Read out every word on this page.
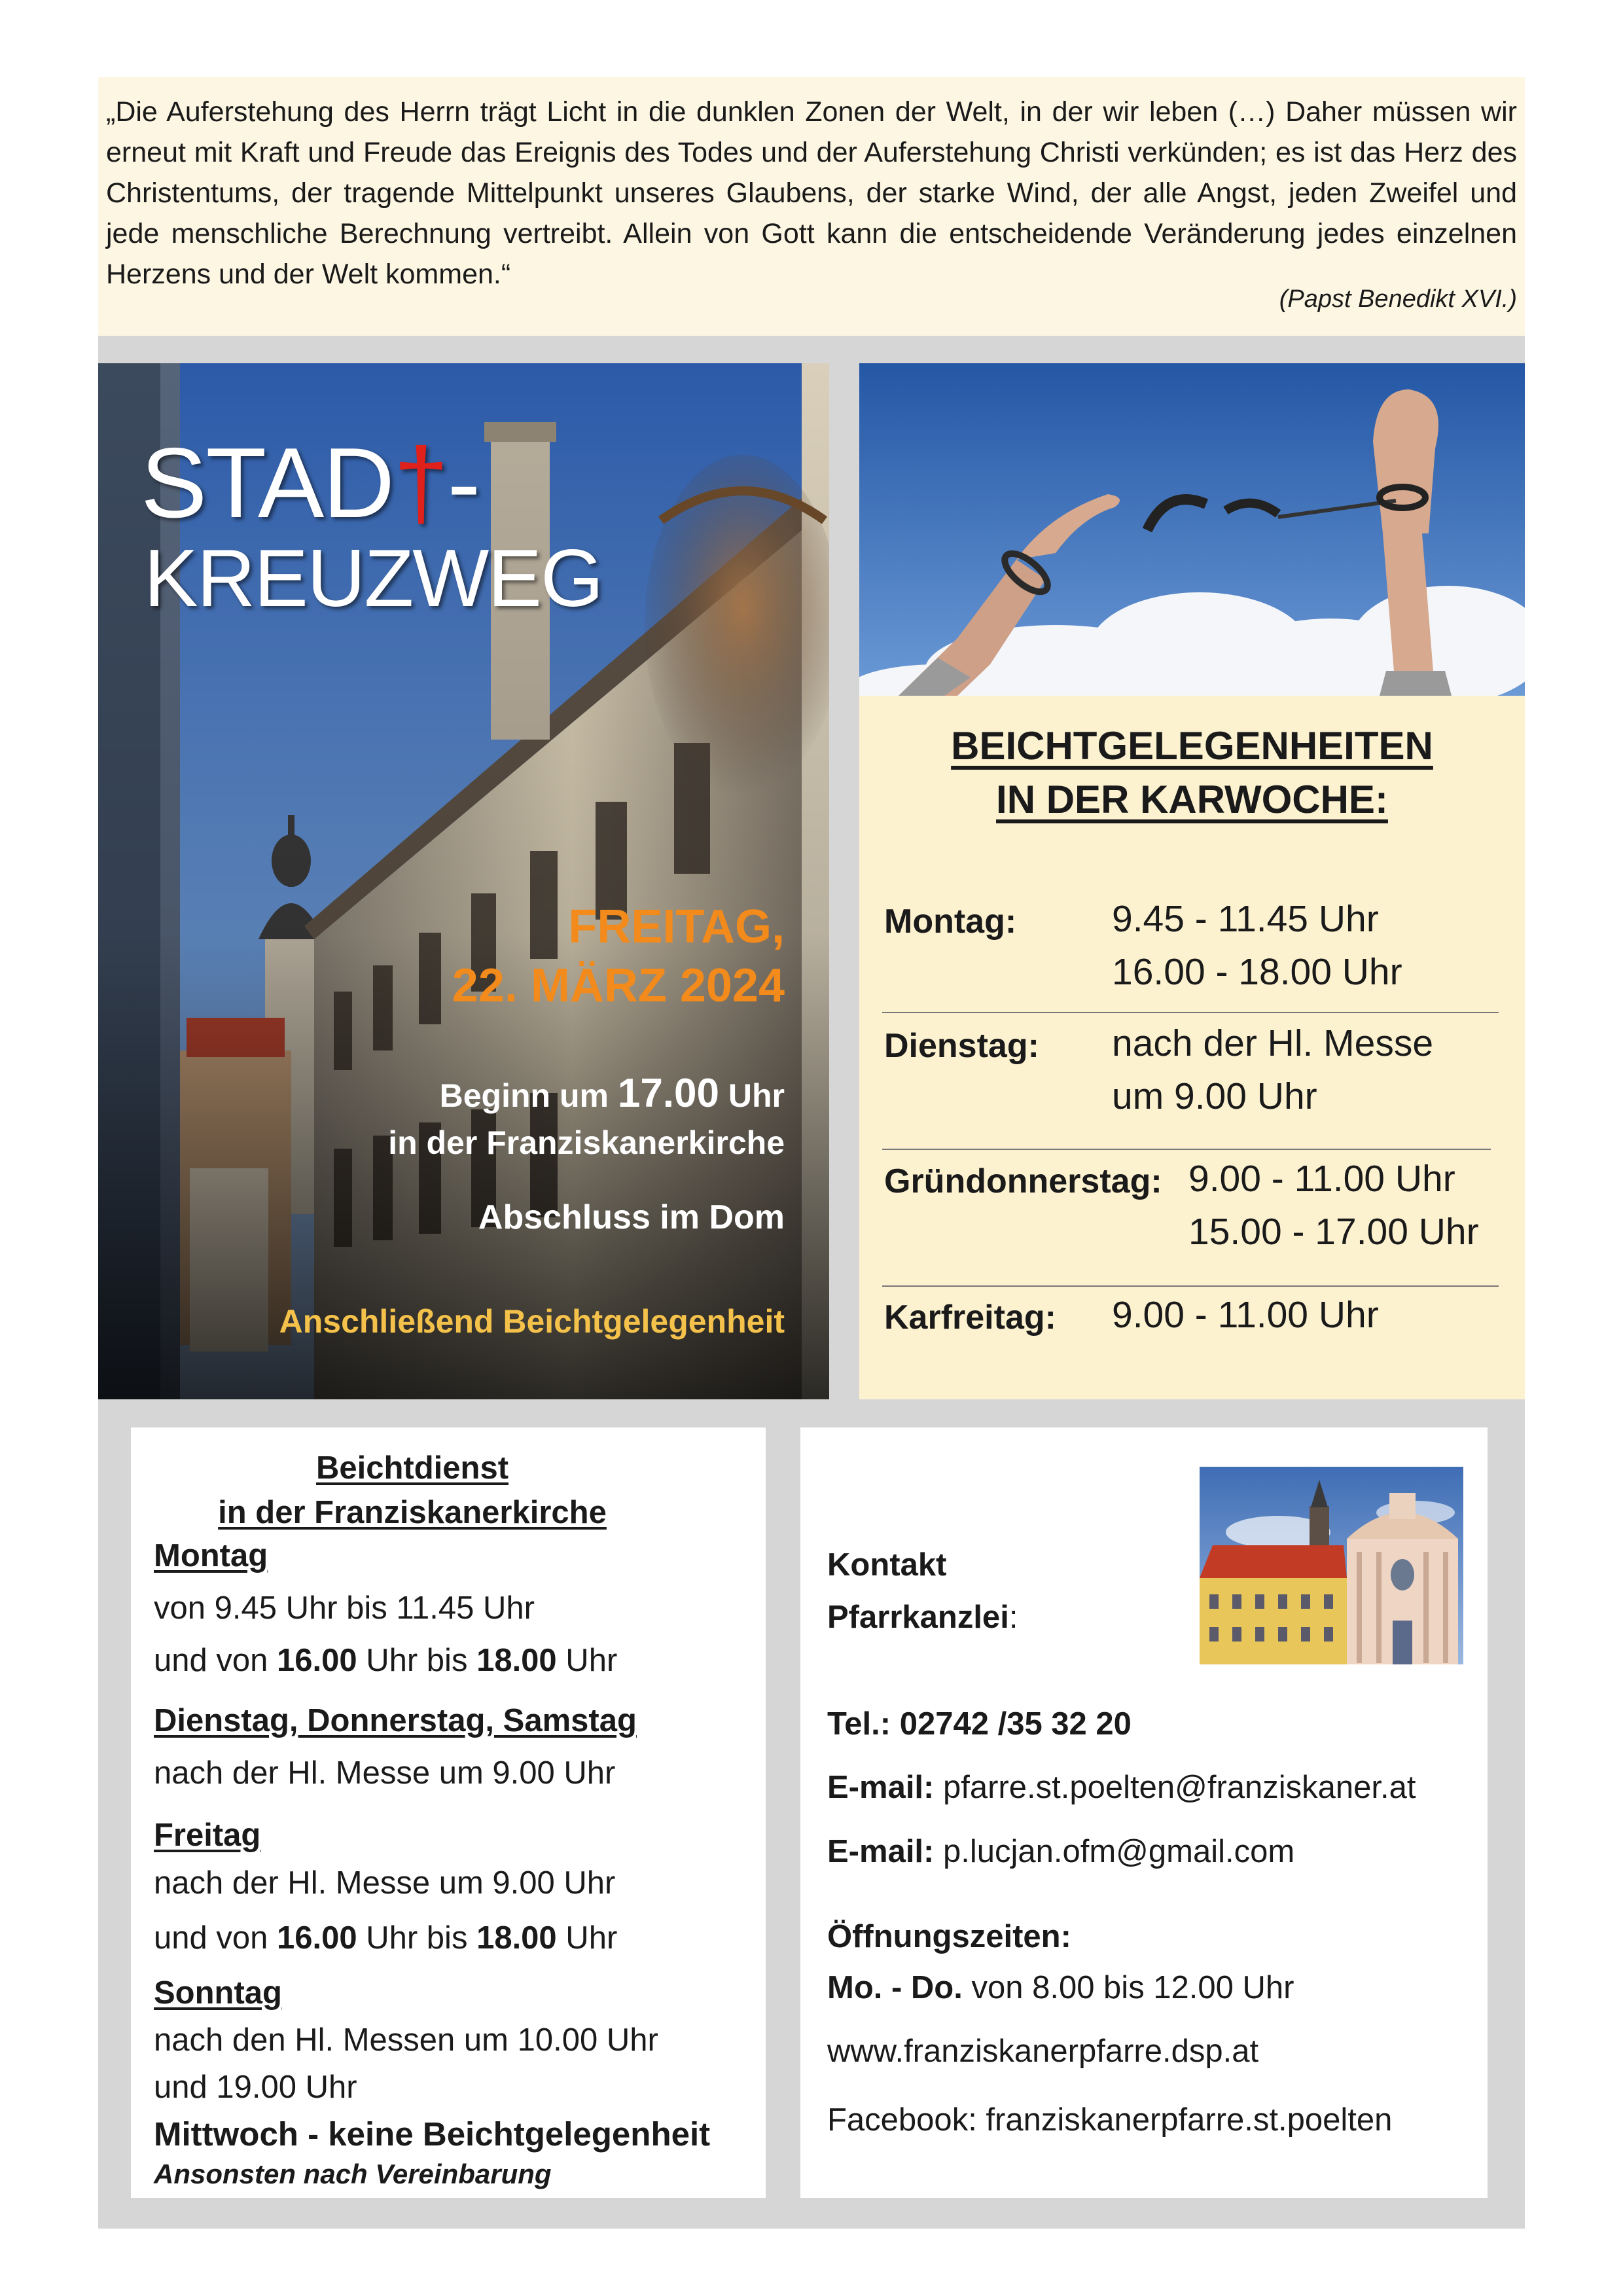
„Die Auferstehung des Herrn trägt Licht in die dunklen Zonen der Welt, in der wir leben (…) Daher müssen wir erneut mit Kraft und Freude das Ereignis des Todes und der Auferstehung Christi verkünden; es ist das Herz des Christentums, der tragende Mittelpunkt unseres Glaubens, der starke Wind, der alle Angst, jeden Zweifel und jede menschliche Berechnung vertreibt. Allein von Gott kann die entscheidende Veränderung jedes einzelnen Herzens und der Welt kommen.“
(Papst Benedikt XVI.)
STAD†-
KREUZWEG
FREITAG,
22. MÄRZ 2024
Beginn um 17.00 Uhr
in der Franziskanerkirche
Abschluss im Dom
Anschließend Beichtgelegenheit
BEICHTGELEGENHEITEN
IN DER KARWOCHE:
Montag:	9.45 - 11.45 Uhr
16.00 - 18.00 Uhr
Dienstag: nach der Hl. Messe
um 9.00 Uhr
Gründonnerstag: 9.00 - 11.00 Uhr
15.00 - 17.00 Uhr
Karfreitag: 9.00 - 11.00 Uhr
Beichtdienst
in der Franziskanerkirche
Montag
von 9.45 Uhr bis 11.45 Uhr
und von 16.00 Uhr bis 18.00 Uhr
Dienstag, Donnerstag, Samstag
nach der Hl. Messe um 9.00 Uhr
Freitag
nach der Hl. Messe um 9.00 Uhr
und von 16.00 Uhr bis 18.00 Uhr
Sonntag
nach den Hl. Messen um 10.00 Uhr
und 19.00 Uhr
Mittwoch - keine Beichtgelegenheit
Ansonsten nach Vereinbarung
Kontakt
Pfarrkanzlei:
Tel.: 02742 /35 32 20
E-mail: pfarre.st.poelten@franziskaner.at
E-mail: p.lucjan.ofm@gmail.com
Öffnungszeiten:
Mo. - Do. von 8.00 bis 12.00 Uhr
www.franziskanerpfarre.dsp.at
Facebook: franziskanerpfarre.st.poelten
